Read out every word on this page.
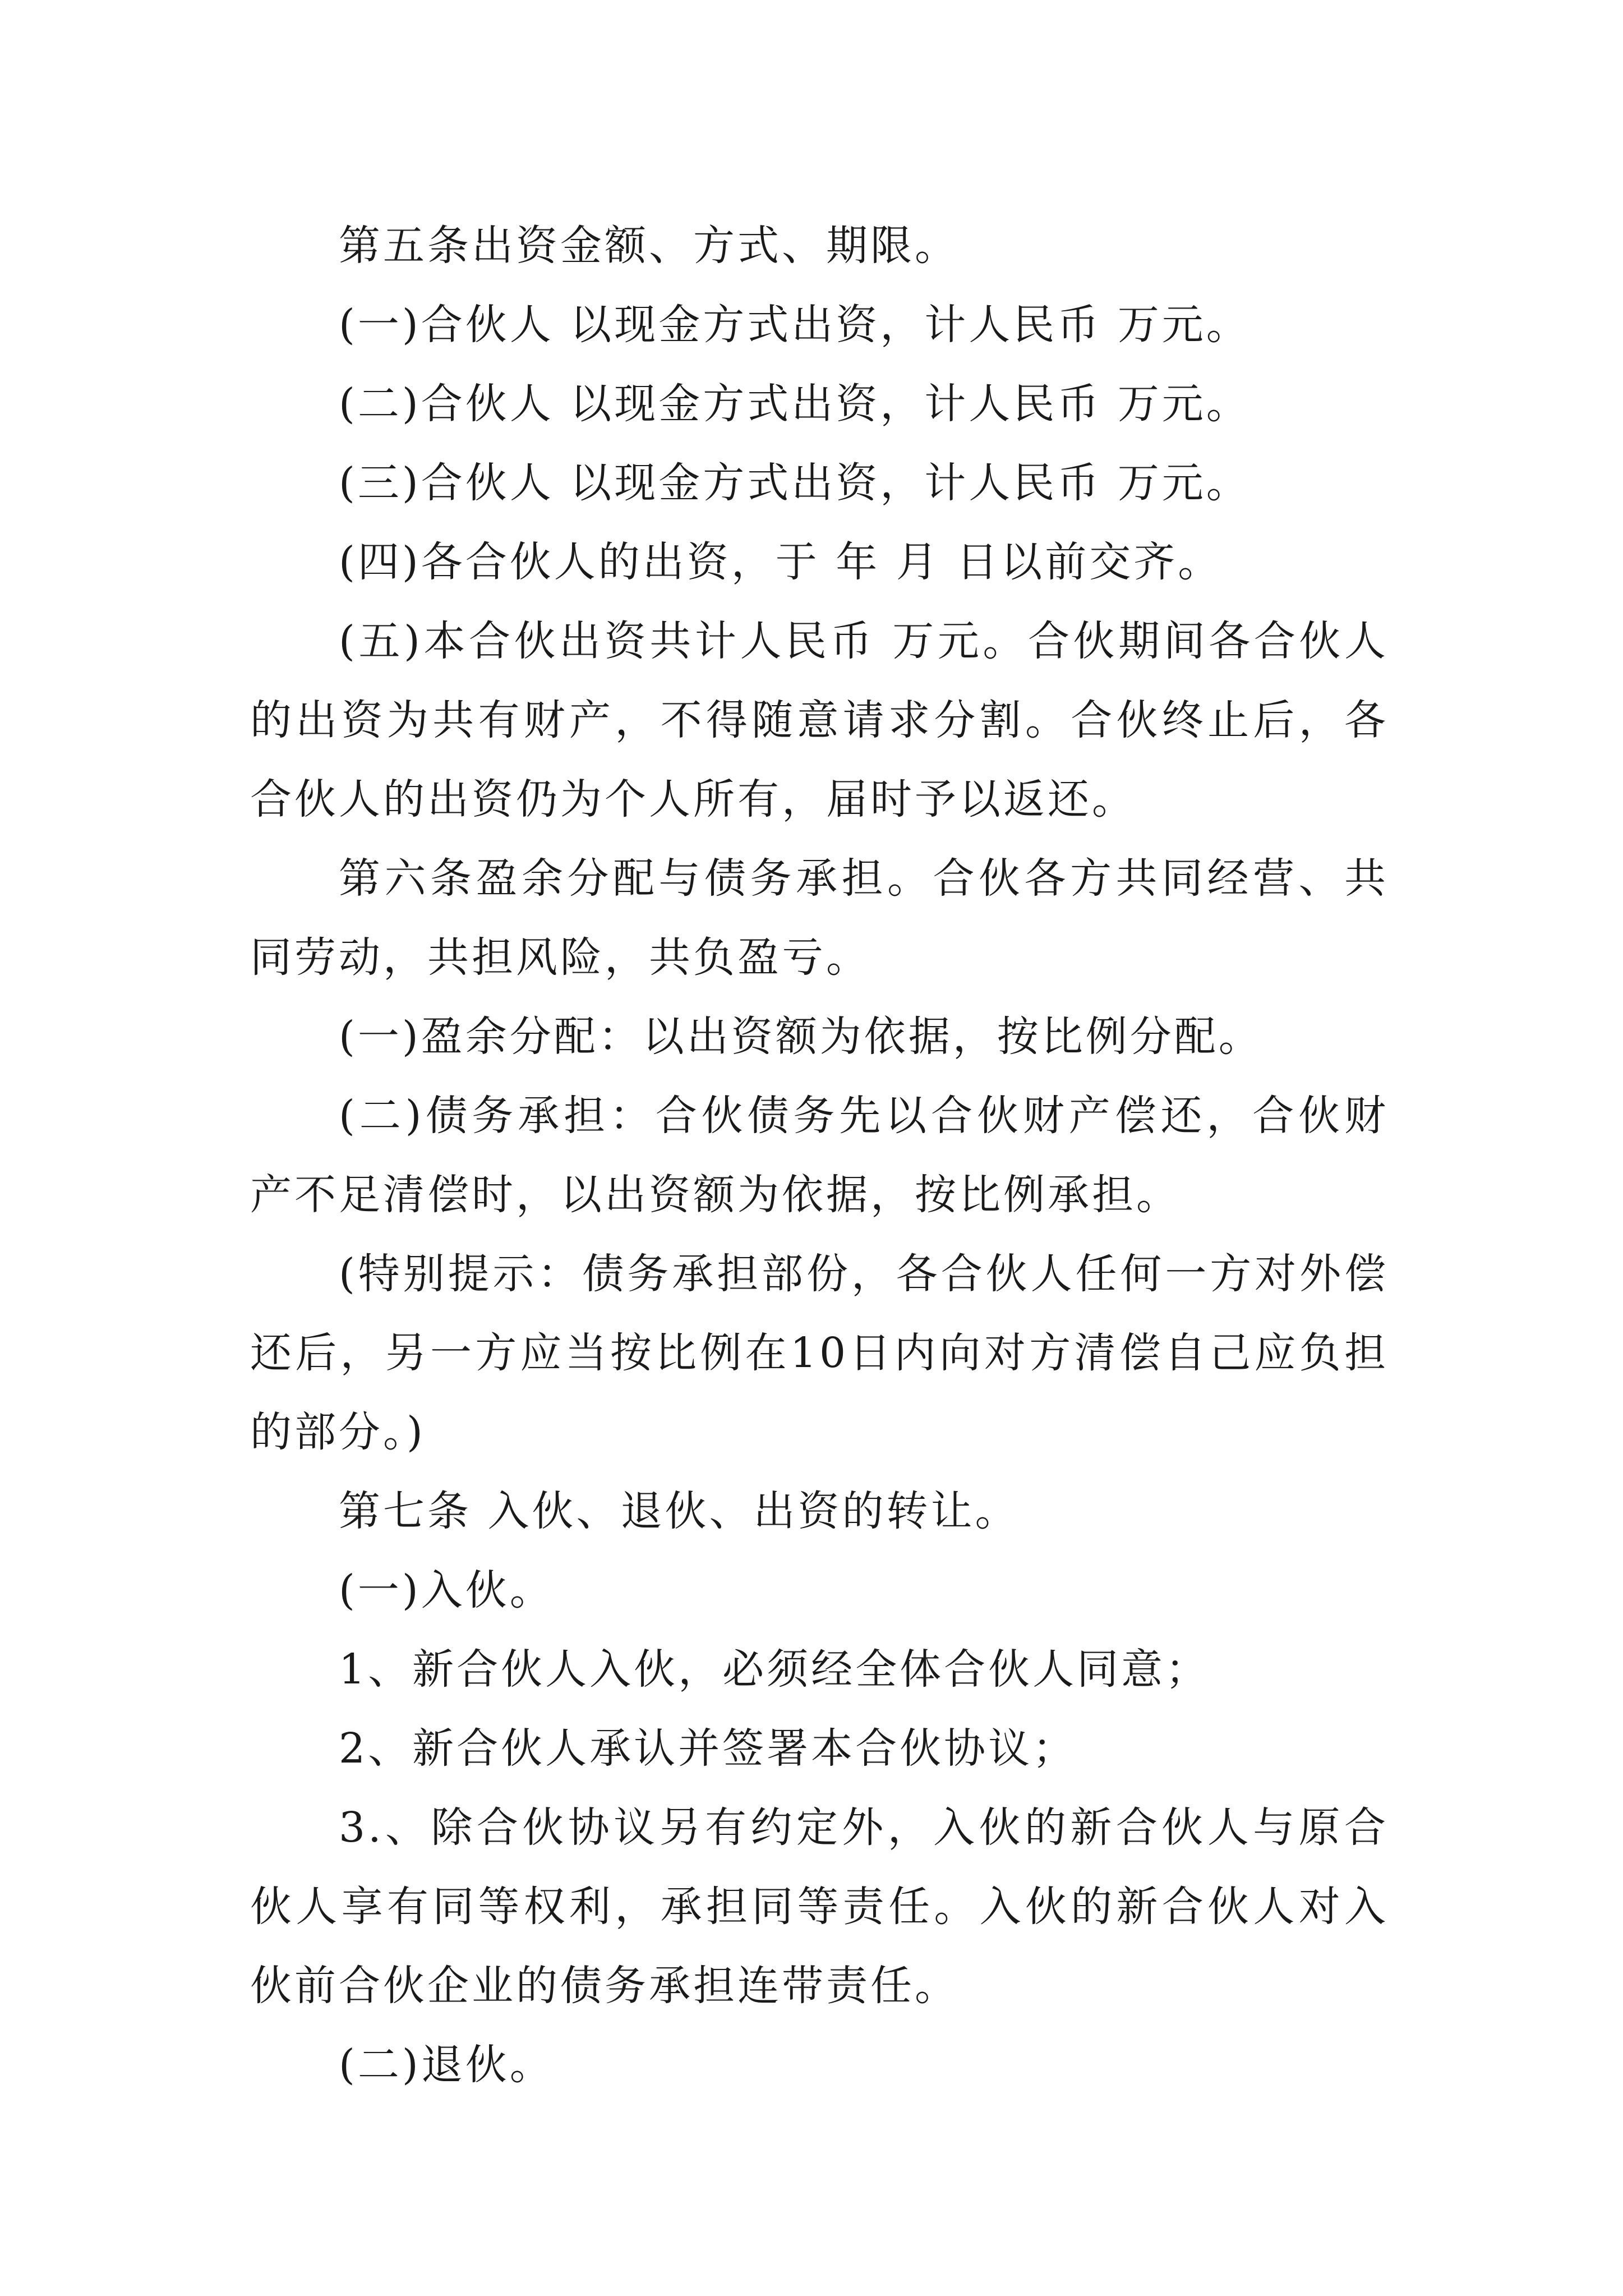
第五条出资金额、方式、期限。

(一)合伙人 以现金方式出资，计人民币 万元。

(二)合伙人 以现金方式出资，计人民币 万元。

(三)合伙人 以现金方式出资，计人民币 万元。

(四)各合伙人的出资，于 年 月 日以前交齐。

(五)本合伙出资共计人民币 万元。合伙期间各合伙人的出资为共有财产，不得随意请求分割。合伙终止后，各合伙人的出资仍为个人所有，届时予以返还。

第六条盈余分配与债务承担。合伙各方共同经营、共同劳动，共担风险，共负盈亏。

(一)盈余分配：以出资额为依据，按比例分配。

(二)债务承担：合伙债务先以合伙财产偿还，合伙财产不足清偿时，以出资额为依据，按比例承担。

(特别提示：债务承担部份，各合伙人任何一方对外偿还后，另一方应当按比例在10日内向对方清偿自己应负担的部分。)

第七条 入伙、退伙、出资的转让。

(一)入伙。

1、新合伙人入伙，必须经全体合伙人同意；

2、新合伙人承认并签署本合伙协议；

3.、除合伙协议另有约定外，入伙的新合伙人与原合伙人享有同等权利，承担同等责任。入伙的新合伙人对入伙前合伙企业的债务承担连带责任。

(二)退伙。
